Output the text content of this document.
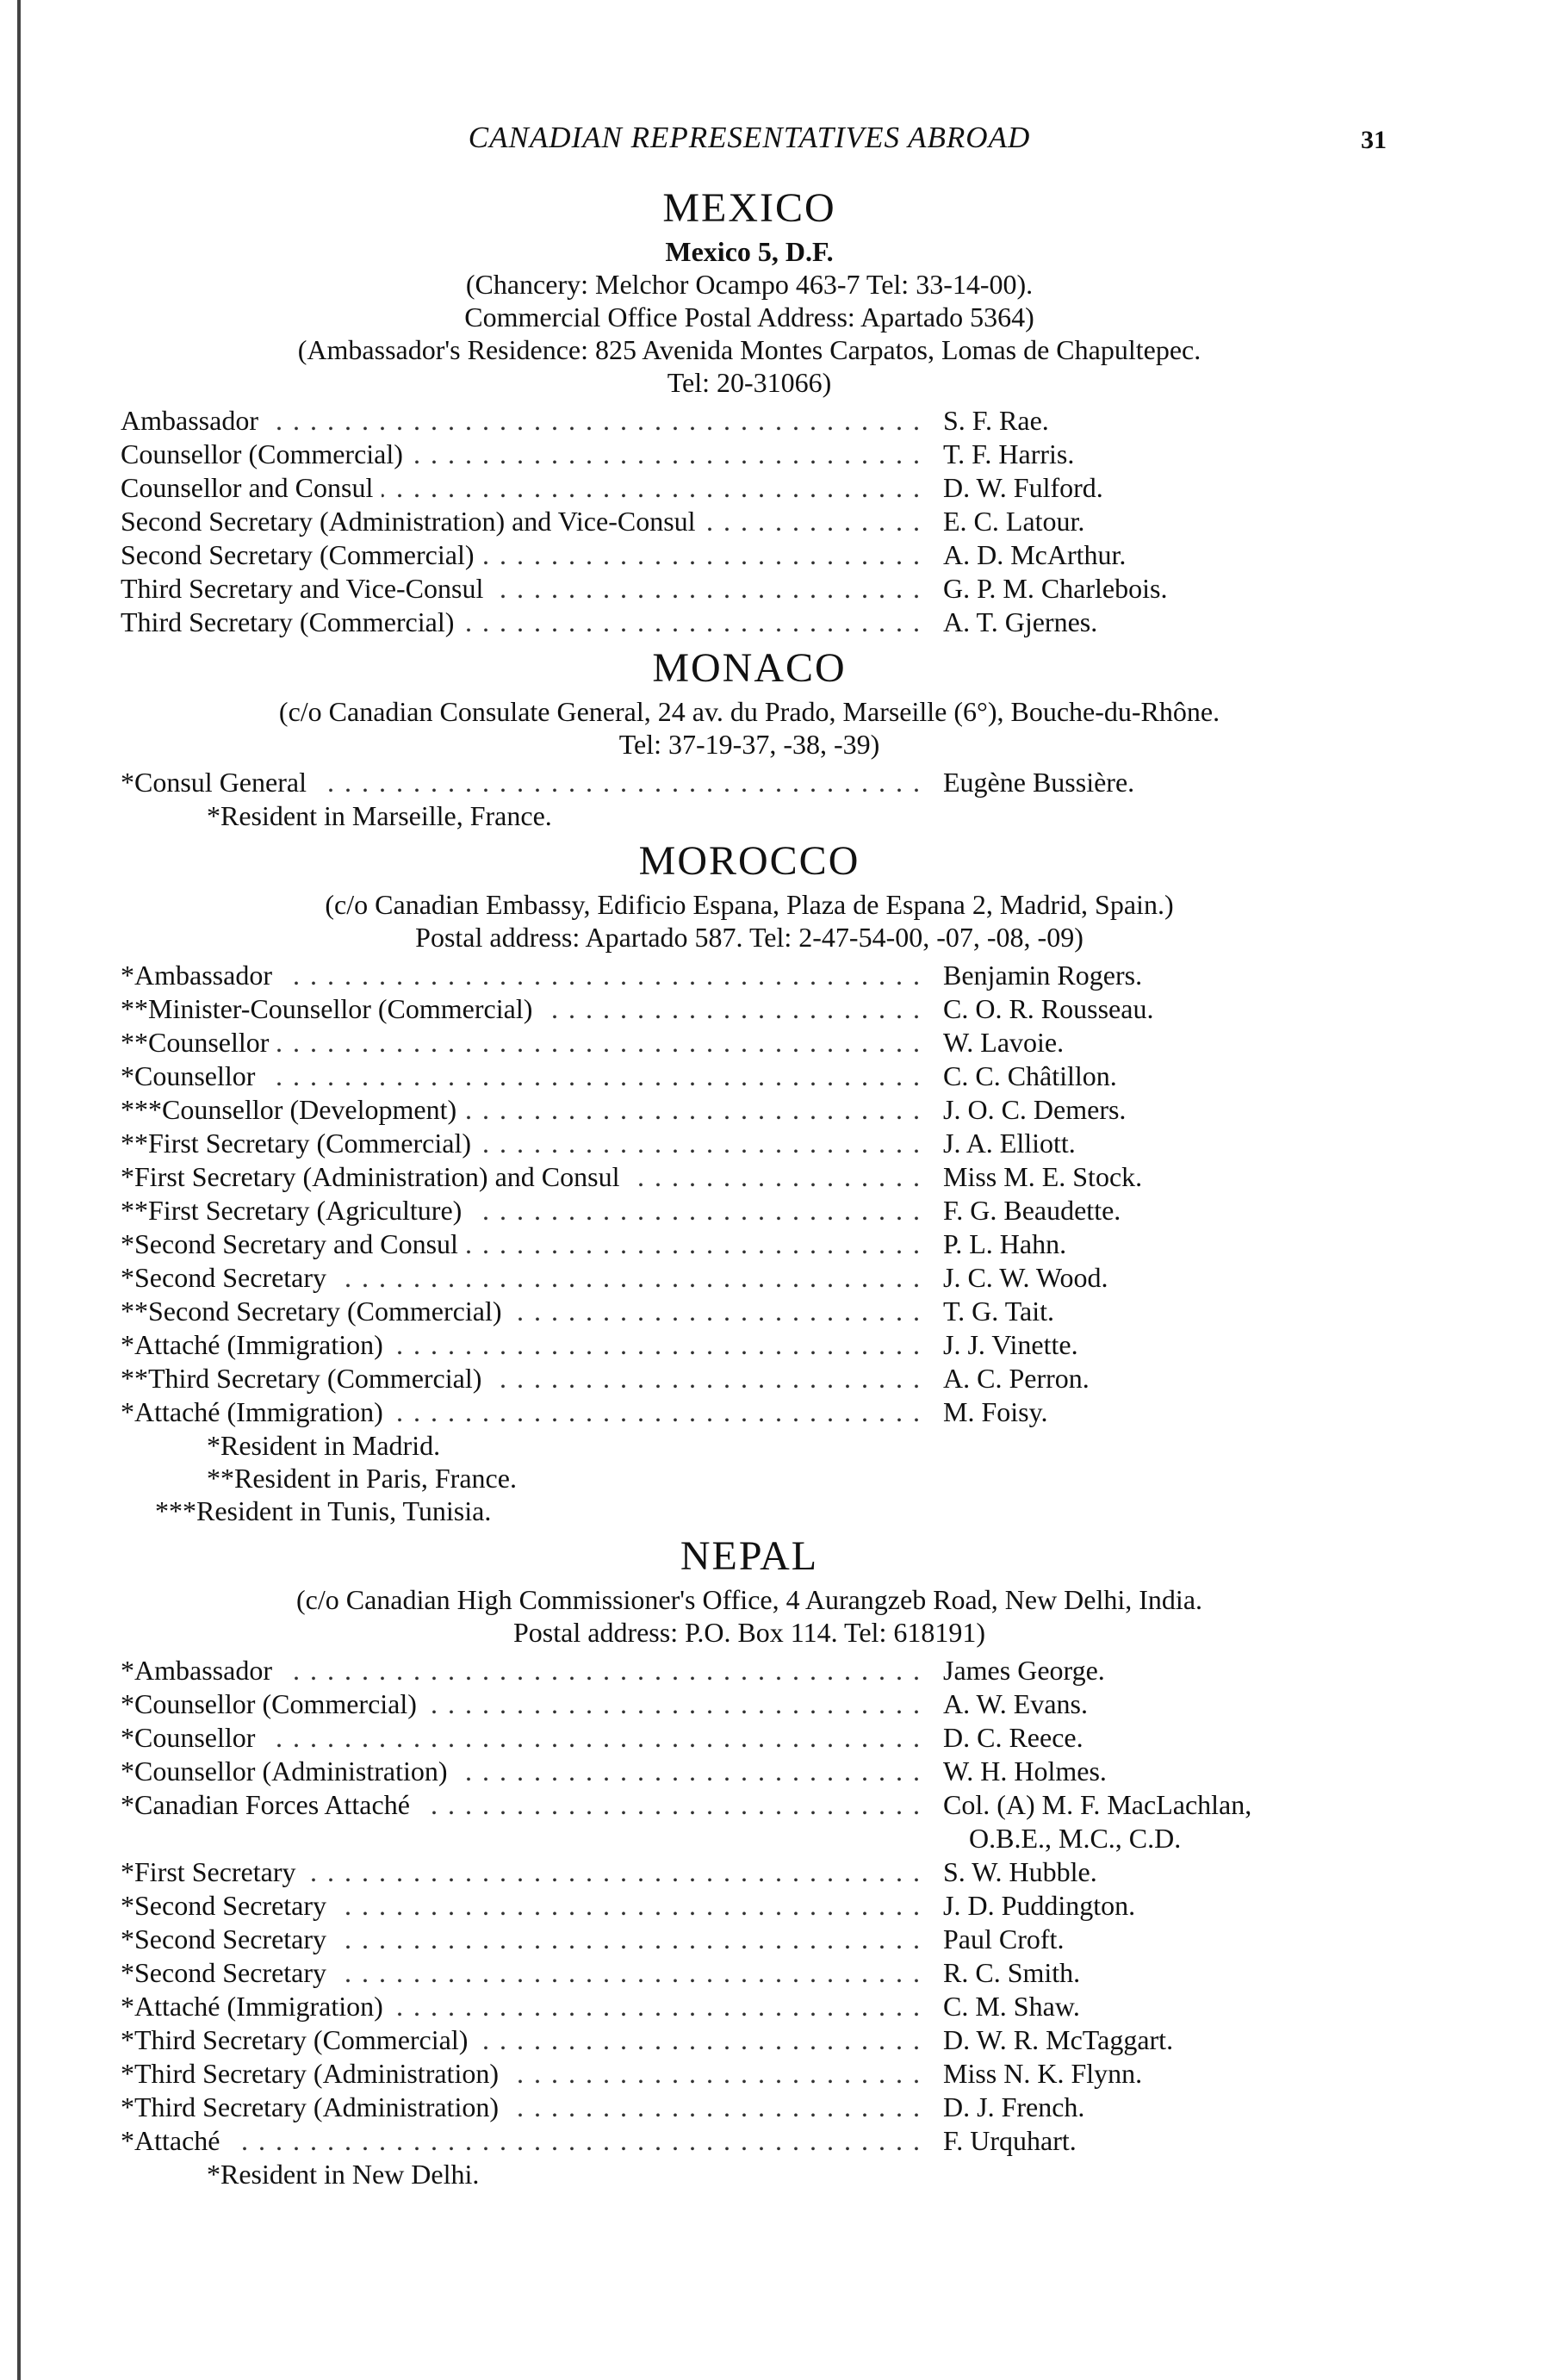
CANADIAN REPRESENTATIVES ABROAD	31
MEXICO
Mexico 5, D.F.
(Chancery: Melchor Ocampo 463-7 Tel: 33-14-00).
Commercial Office Postal Address: Apartado 5364)
(Ambassador's Residence: 825 Avenida Montes Carpatos, Lomas de Chapultepec.
Tel: 20-31066)
Ambassador . . .	S. F. Rae.
Counsellor (Commercial) . . .	T. F. Harris.
Counsellor and Consul . . .	D. W. Fulford.
Second Secretary (Administration) and Vice-Consul . . .	E. C. Latour.
Second Secretary (Commercial) . . .	A. D. McArthur.
Third Secretary and Vice-Consul . . .	G. P. M. Charlebois.
Third Secretary (Commercial) . . .	A. T. Gjernes.
MONACO
(c/o Canadian Consulate General, 24 av. du Prado, Marseille (6°), Bouche-du-Rhône.
Tel: 37-19-37, -38, -39)
*Consul General . . .	Eugène Bussière.
*Resident in Marseille, France.
MOROCCO
(c/o Canadian Embassy, Edificio Espana, Plaza de Espana 2, Madrid, Spain.)
Postal address: Apartado 587. Tel: 2-47-54-00, -07, -08, -09)
*Ambassador . . .	Benjamin Rogers.
**Minister-Counsellor (Commercial) . . .	C. O. R. Rousseau.
**Counsellor . . .	W. Lavoie.
*Counsellor . . .	C. C. Châtillon.
***Counsellor (Development) . . .	J. O. C. Demers.
**First Secretary (Commercial) . . .	J. A. Elliott.
*First Secretary (Administration) and Consul . . .	Miss M. E. Stock.
**First Secretary (Agriculture) . . .	F. G. Beaudette.
*Second Secretary and Consul . . .	P. L. Hahn.
*Second Secretary . . .	J. C. W. Wood.
**Second Secretary (Commercial) . . .	T. G. Tait.
*Attaché (Immigration) . . .	J. J. Vinette.
**Third Secretary (Commercial) . . .	A. C. Perron.
*Attaché (Immigration) . . .	M. Foisy.
*Resident in Madrid.
**Resident in Paris, France.
***Resident in Tunis, Tunisia.
NEPAL
(c/o Canadian High Commissioner's Office, 4 Aurangzeb Road, New Delhi, India.
Postal address: P.O. Box 114. Tel: 618191)
*Ambassador . . .	James George.
*Counsellor (Commercial) . . .	A. W. Evans.
*Counsellor . . .	D. C. Reece.
*Counsellor (Administration) . . .	W. H. Holmes.
*Canadian Forces Attaché . . .	Col. (A) M. F. MacLachlan,
O.B.E., M.C., C.D.
*First Secretary . . .	S. W. Hubble.
*Second Secretary . . .	J. D. Puddington.
*Second Secretary . . .	Paul Croft.
*Second Secretary . . .	R. C. Smith.
*Attaché (Immigration) . . .	C. M. Shaw.
*Third Secretary (Commercial) . . .	D. W. R. McTaggart.
*Third Secretary (Administration) . . .	Miss N. K. Flynn.
*Third Secretary (Administration) . . .	D. J. French.
*Attaché . . .	F. Urquhart.
*Resident in New Delhi.
